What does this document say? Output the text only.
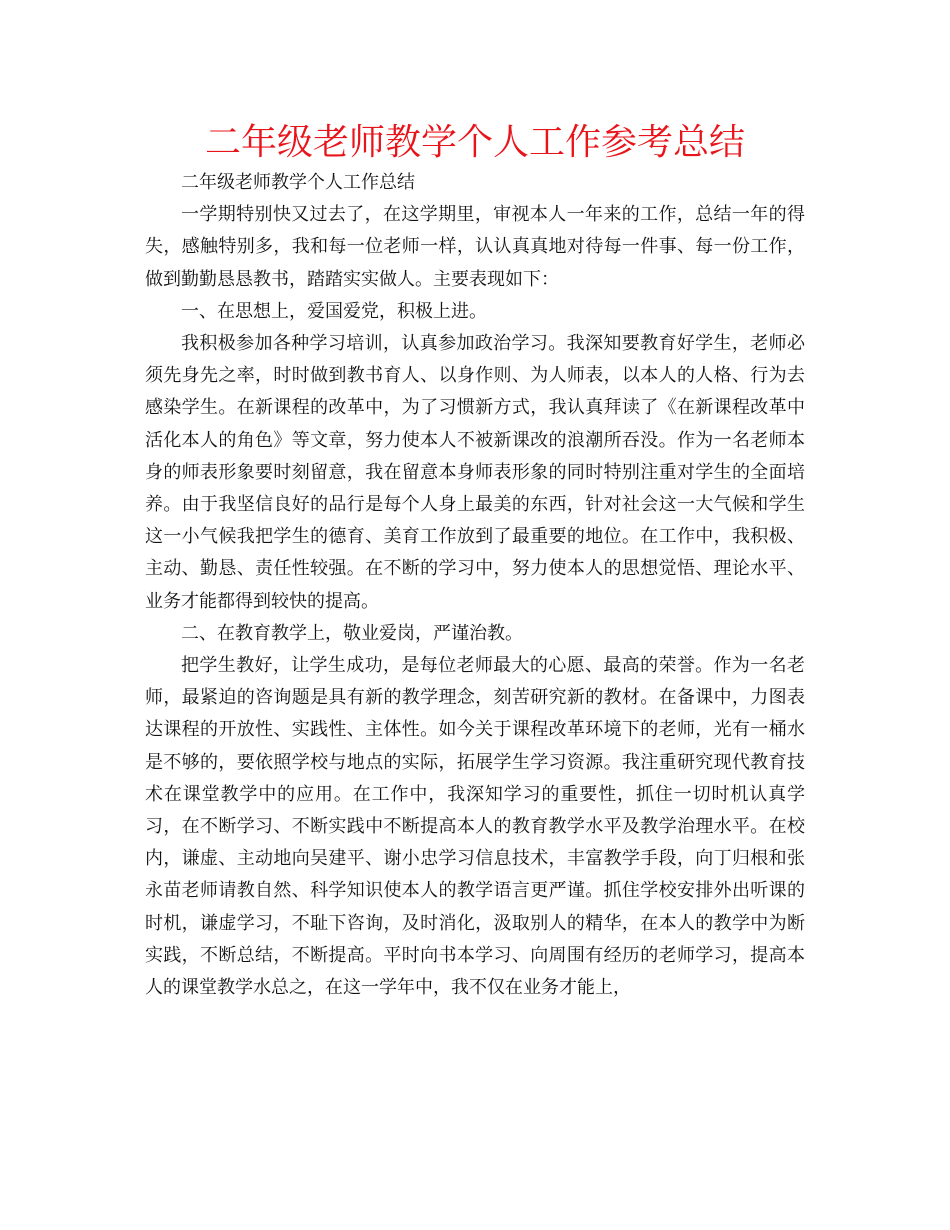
二年级老师教学个人工作参考总结

二年级老师教学个人工作总结

一学期特别快又过去了，在这学期里，审视本人一年来的工作，总结一年的得失，感触特别多，我和每一位老师一样，认认真真地对待每一件事、每一份工作，做到勤勤恳恳教书，踏踏实实做人。主要表现如下：

一、在思想上，爱国爱党，积极上进。

我积极参加各种学习培训，认真参加政治学习。我深知要教育好学生，老师必须先身先之率，时时做到教书育人、以身作则、为人师表，以本人的人格、行为去感染学生。在新课程的改革中，为了习惯新方式，我认真拜读了《在新课程改革中活化本人的角色》等文章，努力使本人不被新课改的浪潮所吞没。作为一名老师本身的师表形象要时刻留意，我在留意本身师表形象的同时特别注重对学生的全面培养。由于我坚信良好的品行是每个人身上最美的东西，针对社会这一大气候和学生这一小气候我把学生的德育、美育工作放到了最重要的地位。在工作中，我积极、主动、勤恳、责任性较强。在不断的学习中，努力使本人的思想觉悟、理论水平、业务才能都得到较快的提高。

二、在教育教学上，敬业爱岗，严谨治教。

把学生教好，让学生成功，是每位老师最大的心愿、最高的荣誉。作为一名老师，最紧迫的咨询题是具有新的教学理念，刻苦研究新的教材。在备课中，力图表达课程的开放性、实践性、主体性。如今关于课程改革环境下的老师，光有一桶水是不够的，要依照学校与地点的实际，拓展学生学习资源。我注重研究现代教育技术在课堂教学中的应用。在工作中，我深知学习的重要性，抓住一切时机认真学习，在不断学习、不断实践中不断提高本人的教育教学水平及教学治理水平。在校内，谦虚、主动地向吴建平、谢小忠学习信息技术，丰富教学手段，向丁归根和张永苗老师请教自然、科学知识使本人的教学语言更严谨。抓住学校安排外出听课的时机，谦虚学习，不耻下咨询，及时消化，汲取别人的精华，在本人的教学中为断实践，不断总结，不断提高。平时向书本学习、向周围有经历的老师学习，提高本人的课堂教学水总之，在这一学年中，我不仅在业务才能上，
